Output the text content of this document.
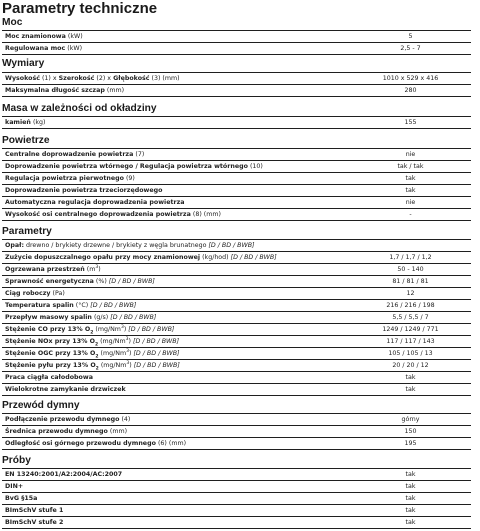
Parametry techniczne
Moc
Moc znamionowa (kW)	5
Regulowana moc (kW)	2,5 - 7
Wymiary
Wysokość (1) x Szerokość (2) x Głębokość (3) (mm)	1010 x 529 x 416
Maksymalna długość szczap (mm)	280
Masa w zależności od okładziny
kamień (kg)	155
Powietrze
Centralne doprowadzenie powietrza (7)	nie
Doprowadzenie powietrza wtórnego / Regulacja powietrza wtórnego (10)	tak / tak
Regulacja powietrza pierwotnego (9)	tak
Doprowadzenie powietrza trzeciorzędowego	tak
Automatyczna regulacja doprowadzenia powietrza	nie
Wysokość osi centralnego doprowadzenia powietrza (8) (mm)	-
Parametry
Opał: drewno / brykiety drzewne / brykiety z węgla brunatnego [D / BD / BWB]	
Zużycie dopuszczalnego opału przy mocy znamionowej (kg/hod) [D / BD / BWB]	1,7 / 1,7 / 1,2
Ogrzewana przestrzeń $(m^3)$	50 - 140
Sprawność energetyczna (%) [D / BD / BWB]	81 / 81 / 81
Ciąg roboczy (Pa)	12
Temperatura spalin (°C) [D / BD / BWB]	216 / 216 / 198
Przepływ masowy spalin (g/s) [D / BD / BWB]	5,5 / 5,5 / 7
Stężenie CO przy 13% $O_2$ (mg/Nm$^3$) [D / BD / BWB]	1249 / 1249 / 771
Stężenie NOx przy 13% $O_2$ (mg/Nm$^3$) [D / BD / BWB]	117 / 117 / 143
Stężenie OGC przy 13% $O_2$ (mg/Nm$^3$) [D / BD / BWB]	105 / 105 / 13
Stężenie pyłu przy 13% $O_2$ (mg/Nm$^3$) [D / BD / BWB]	20 / 20 / 12
Praca ciągła całodobowa	tak
Wielokrotne zamykanie drzwiczek	tak
Przewód dymny
Podłączenie przewodu dymnego (4)	górny
Średnica przewodu dymnego (mm)	150
Odległość osi górnego przewodu dymnego (6) (mm)	195
Próby
EN 13240:2001/A2:2004/AC:2007	tak
DIN+	tak
BvG §15a	tak
BImSchV stufe 1	tak
BImSchV stufe 2	tak
